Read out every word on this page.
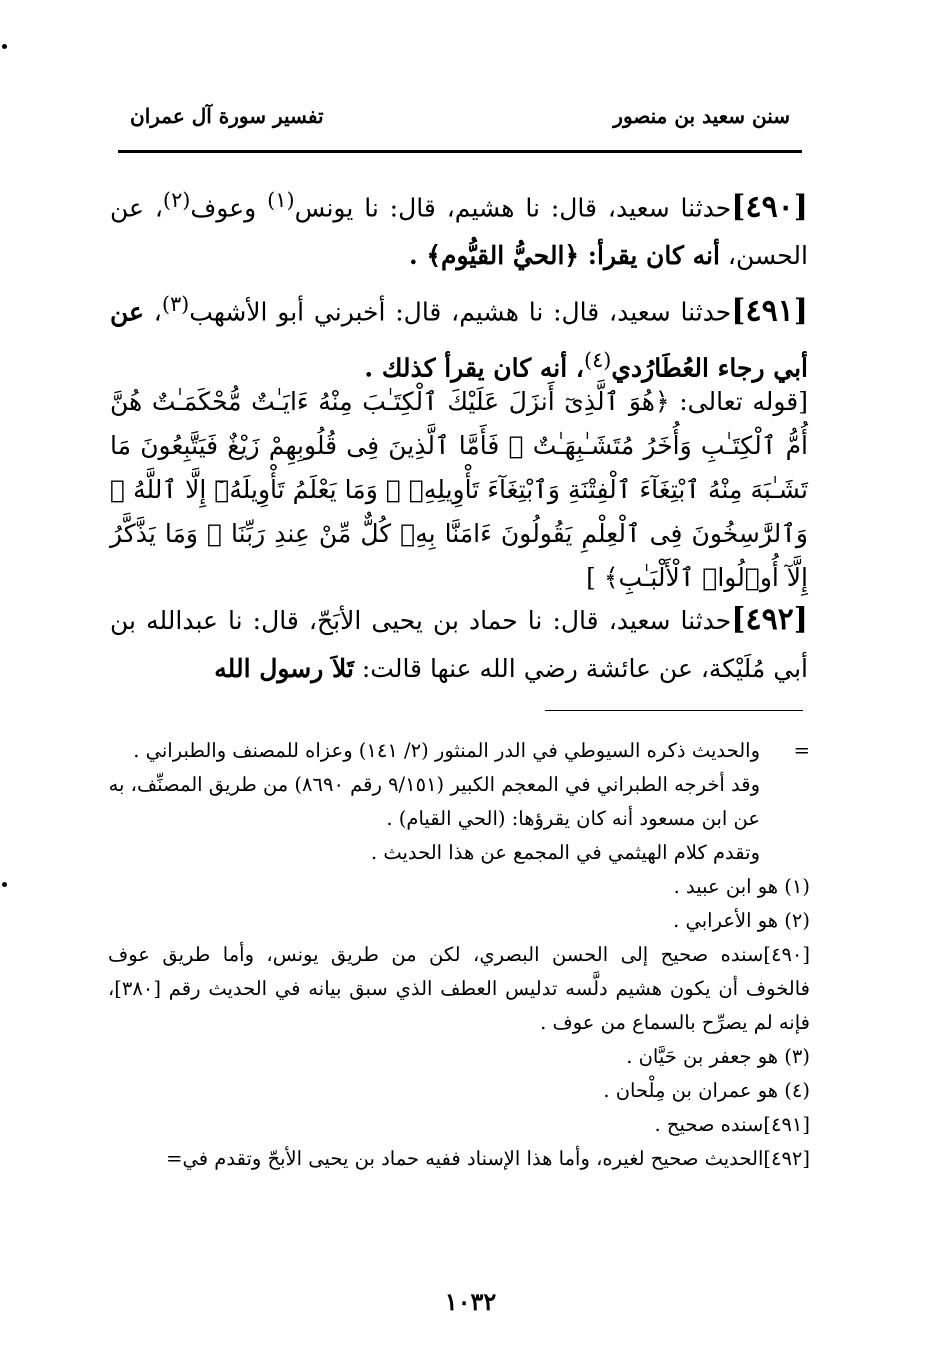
سنن سعيد بن منصور
تفسير سورة آل عمران
[٤٩٠]حدثنا سعيد، قال: نا هشيم، قال: نا يونس$^{(١)}$ وعوف$^{(٢)}$، عن الحسن، أنه كان يقرأ: ﴿الحيُّ القيُّوم﴾ .
[٤٩١]حدثنا سعيد، قال: نا هشيم، قال: أخبرني أبو الأشهب$^{(٣)}$، عن أبي رجاء العُطَارُدي$^{(٤)}$، أنه كان يقرأ كذلك .
[قوله تعالى: ﴿هُوَ ٱلَّذِىٓ أَنزَلَ عَلَيْكَ ٱلْكِتَـٰبَ مِنْهُ ءَايَـٰتٌ مُّحْكَمَـٰتٌ هُنَّ أُمُّ ٱلْكِتَـٰبِ وَأُخَرُ مُتَشَـٰبِهَـٰتٌ ۖ فَأَمَّا ٱلَّذِينَ فِى قُلُوبِهِمْ زَيْغٌ فَيَتَّبِعُونَ مَا تَشَـٰبَهَ مِنْهُ ٱبْتِغَآءَ ٱلْفِتْنَةِ وَٱبْتِغَآءَ تَأْوِيلِهِۦ ۗ وَمَا يَعْلَمُ تَأْوِيلَهُۥٓ إِلَّا ٱللَّهُ ۗ وَٱلرَّٰسِخُونَ فِى ٱلْعِلْمِ يَقُولُونَ ءَامَنَّا بِهِۦ كُلٌّ مِّنْ عِندِ رَبِّنَا ۗ وَمَا يَذَّكَّرُ إِلَّآ أُو۟لُوا۟ ٱلْأَلْبَـٰبِ﴾ ]
[٤٩٢]حدثنا سعيد، قال: نا حماد بن يحيى الأبَحّ، قال: نا عبدالله بن أبي مُلَيْكة، عن عائشة رضي الله عنها قالت: تَلاَ رسول الله
=
والحديث ذكره السيوطي في الدر المنثور (٢/ ١٤١) وعزاه للمصنف والطبراني .
وقد أخرجه الطبراني في المعجم الكبير (٩/١٥١ رقم ٨٦٩٠) من طريق المصنِّف، به عن ابن مسعود أنه كان يقرؤها: (الحي القيام) .
وتقدم كلام الهيثمي في المجمع عن هذا الحديث .
(١) هو ابن عبيد .
(٢) هو الأعرابي .
[٤٩٠]سنده صحيح إلى الحسن البصري، لكن من طريق يونس، وأما طريق عوف فالخوف أن يكون هشيم دلَّسه تدليس العطف الذي سبق بيانه في الحديث رقم [٣٨٠]، فإنه لم يصرِّح بالسماع من عوف .
(٣) هو جعفر بن حَيَّان .
(٤) هو عمران بن مِلْحان .
[٤٩١]سنده صحيح .
[٤٩٢]الحديث صحيح لغيره، وأما هذا الإسناد ففيه حماد بن يحيى الأبحّ وتقدم في=
١٠٣٢
